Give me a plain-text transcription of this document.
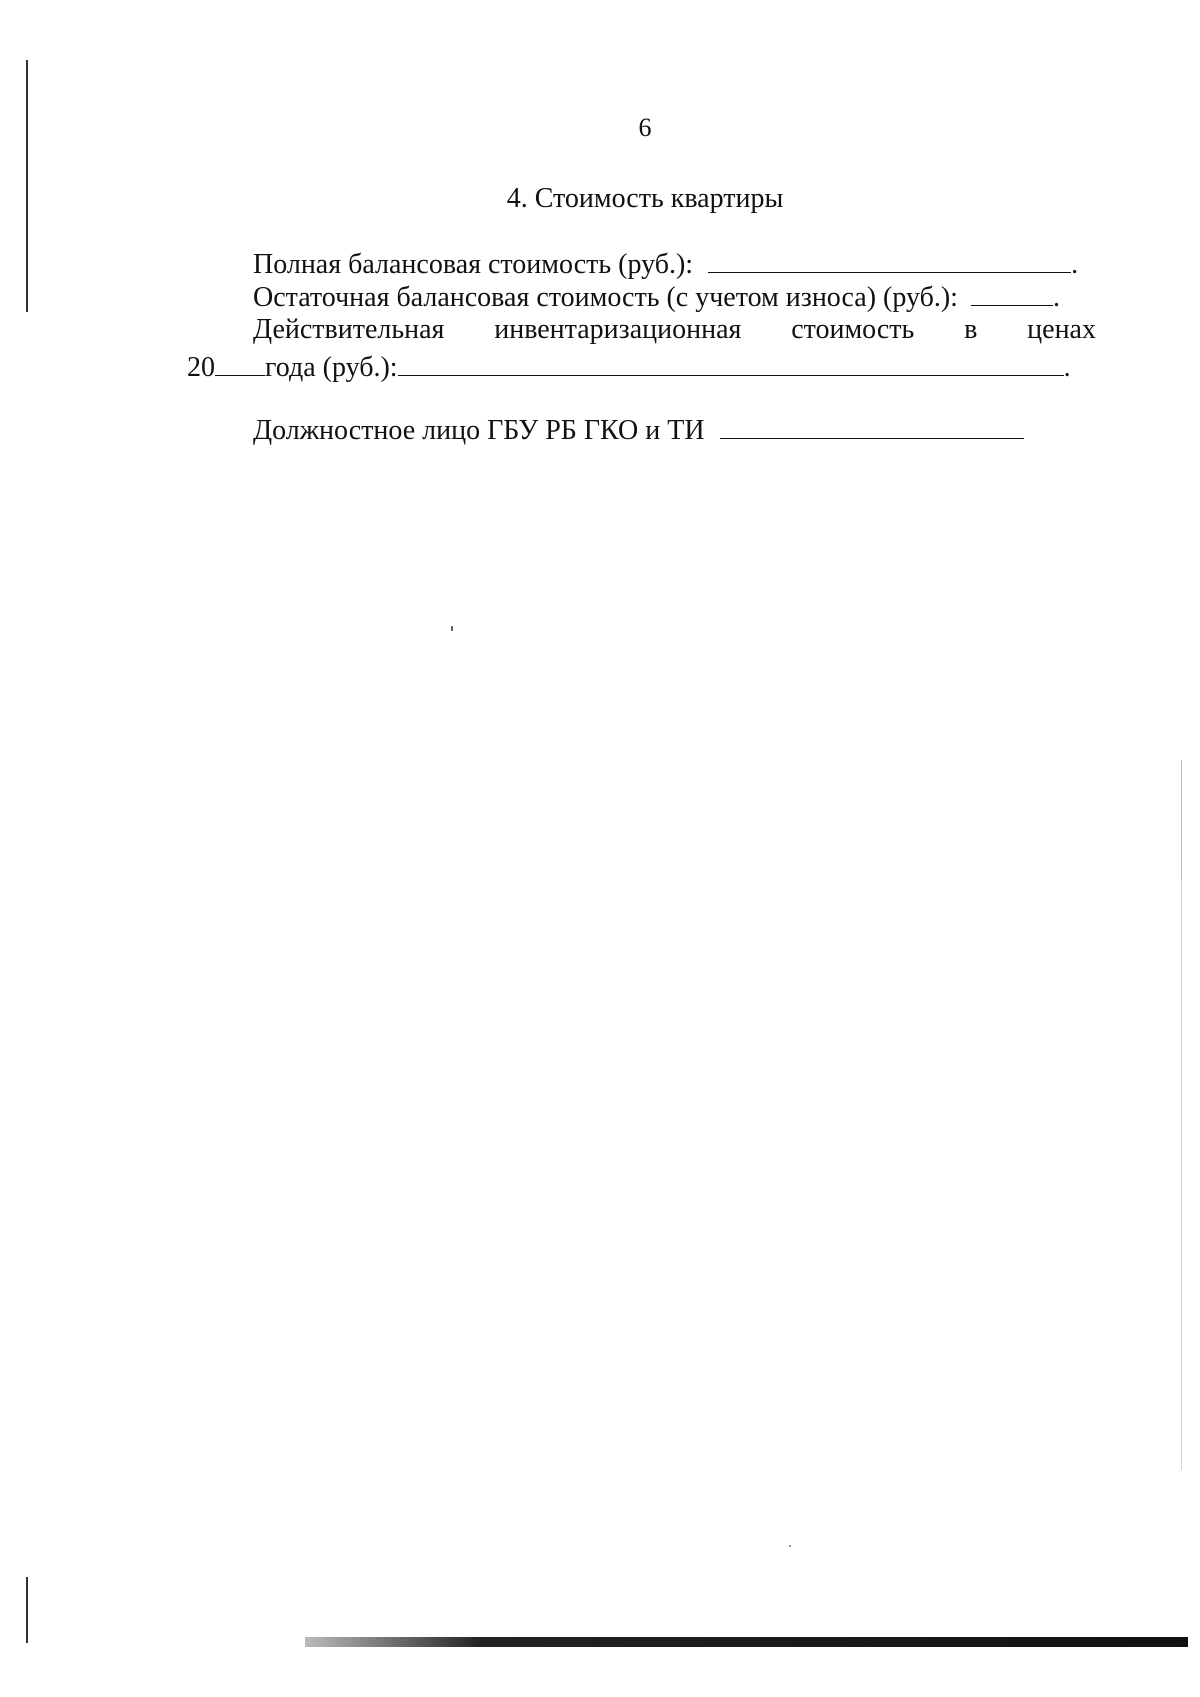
6
4. Стоимость квартиры
Полная балансовая стоимость (руб.):	.
Остаточная балансовая стоимость (с учетом износа) (руб.):	.
Действительная инвентаризационная стоимость в ценах
20 года (руб.):	.
Должностное лицо ГБУ РБ ГКО и ТИ
